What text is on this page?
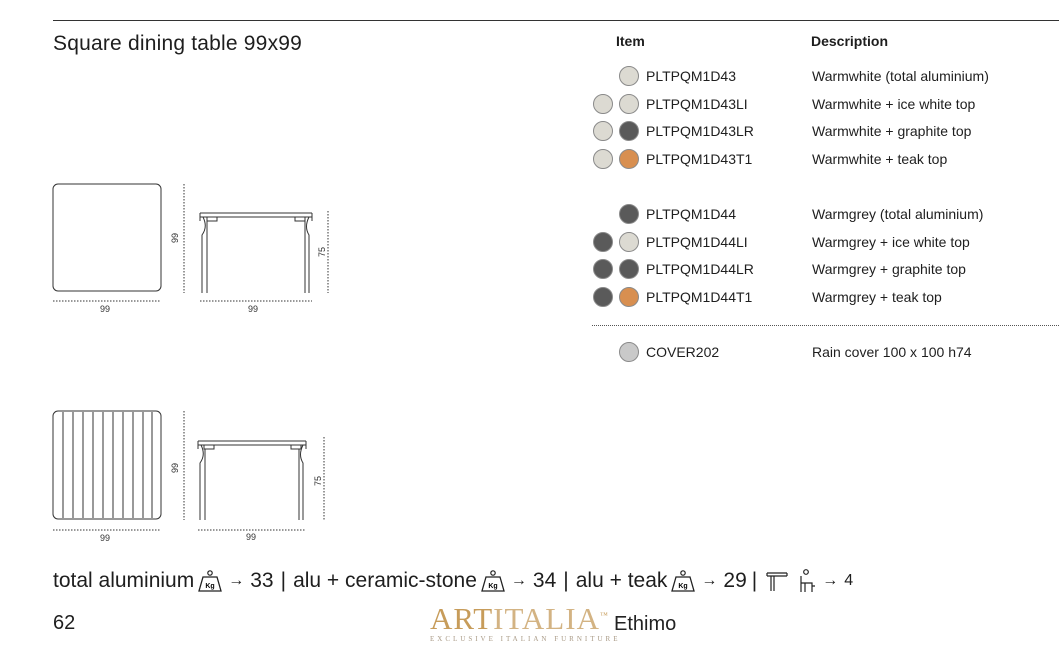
Square dining table 99x99	Item	Description
PLTPQM1D43	Warmwhite (total aluminium)
PLTPQM1D43LI	Warmwhite + ice white top
PLTPQM1D43LR	Warmwhite + graphite top
PLTPQM1D43T1	Warmwhite + teak top
PLTPQM1D44	Warmgrey (total aluminium)
PLTPQM1D44LI	Warmgrey + ice white top
PLTPQM1D44LR	Warmgrey + graphite top
PLTPQM1D44T1	Warmgrey + teak top
COVER202	Rain cover 100 x 100 h74
99
99
99
75
99
99
99
75
total aluminium Kg → 33 | alu + ceramic-stone Kg → 34 | alu + teak Kg → 29 |	→ 4
62	ARTITALIA™
EXCLUSIVE ITALIAN FURNITURE
Ethimo
